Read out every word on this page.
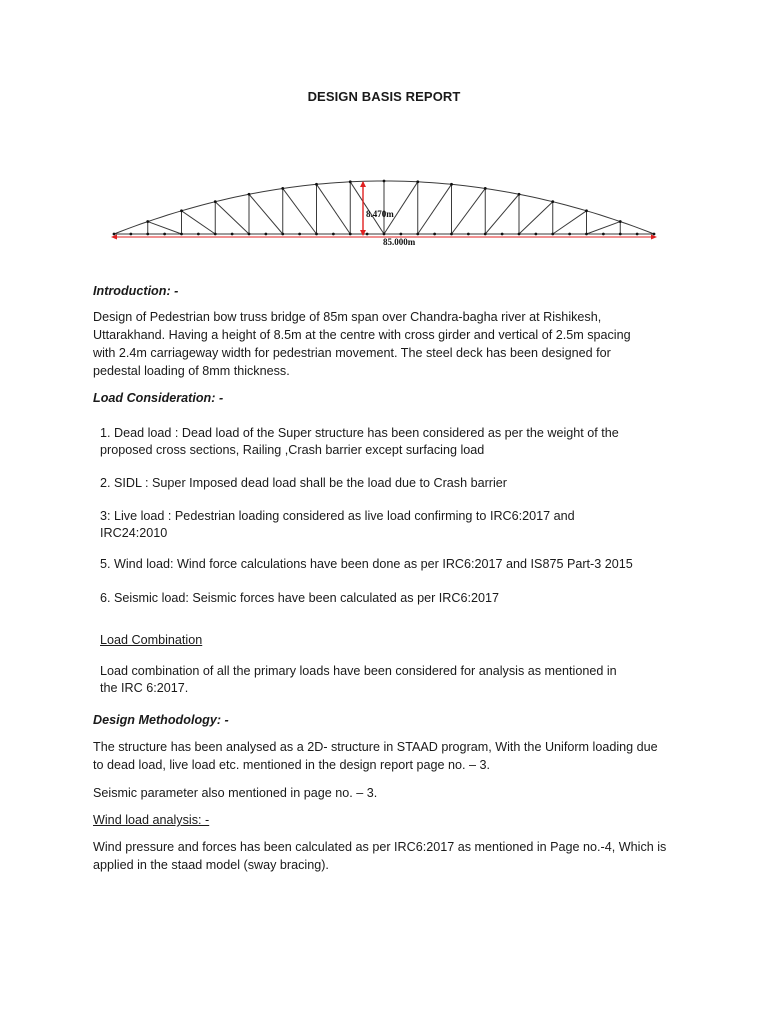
DESIGN BASIS REPORT
8.470m
85.000m
Introduction: -
Design of Pedestrian bow truss bridge of 85m span over Chandra-bagha river at Rishikesh,
Uttarakhand. Having a height of 8.5m at the centre with cross girder and vertical of 2.5m spacing
with 2.4m carriageway width for pedestrian movement. The steel deck has been designed for
pedestal loading of 8mm thickness.
Load Consideration: -
1. Dead load : Dead load of the Super structure has been considered as per the weight of the
proposed cross sections, Railing ,Crash barrier except surfacing load
2. SIDL : Super Imposed dead load shall be the load due to Crash barrier
3: Live load : Pedestrian loading considered as live load confirming to IRC6:2017 and
IRC24:2010
5. Wind load: Wind force calculations have been done as per IRC6:2017 and IS875 Part-3 2015
6. Seismic load: Seismic forces have been calculated as per IRC6:2017
Load Combination
Load combination of all the primary loads have been considered for analysis as mentioned in
the IRC 6:2017.
Design Methodology: -
The structure has been analysed as a 2D- structure in STAAD program, With the Uniform loading due
to dead load, live load etc. mentioned in the design report page no. – 3.
Seismic parameter also mentioned in page no. – 3.
Wind load analysis: -
Wind pressure and forces has been calculated as per IRC6:2017 as mentioned in Page no.-4, Which is
applied in the staad model (sway bracing).
